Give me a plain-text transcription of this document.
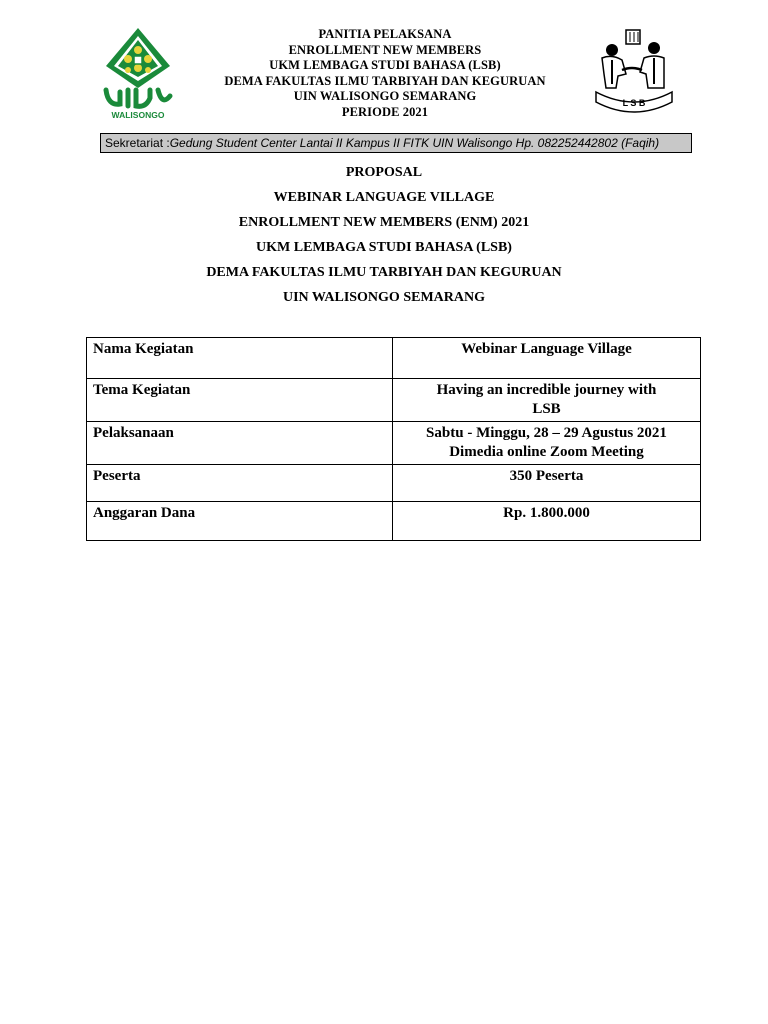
WALISONGO
PANITIA PELAKSANA
ENROLLMENT NEW MEMBERS
UKM LEMBAGA STUDI BAHASA (LSB)
DEMA FAKULTAS ILMU TARBIYAH DAN KEGURUAN
UIN WALISONGO SEMARANG
PERIODE 2021
L S B
Sekretariat :Gedung Student Center Lantai II Kampus II FITK UIN Walisongo Hp. 082252442802 (Faqih)
PROPOSAL
WEBINAR LANGUAGE VILLAGE
ENROLLMENT NEW MEMBERS (ENM) 2021
UKM LEMBAGA STUDI BAHASA (LSB)
DEMA FAKULTAS ILMU TARBIYAH DAN KEGURUAN
UIN WALISONGO SEMARANG
Nama Kegiatan	Webinar Language Village

Tema Kegiatan	Having an incredible journey with
LSB

Pelaksanaan	Sabtu - Minggu, 28 – 29 Agustus 2021
Dimedia online Zoom Meeting

Peserta	350 Peserta

Anggaran Dana	Rp. 1.800.000
